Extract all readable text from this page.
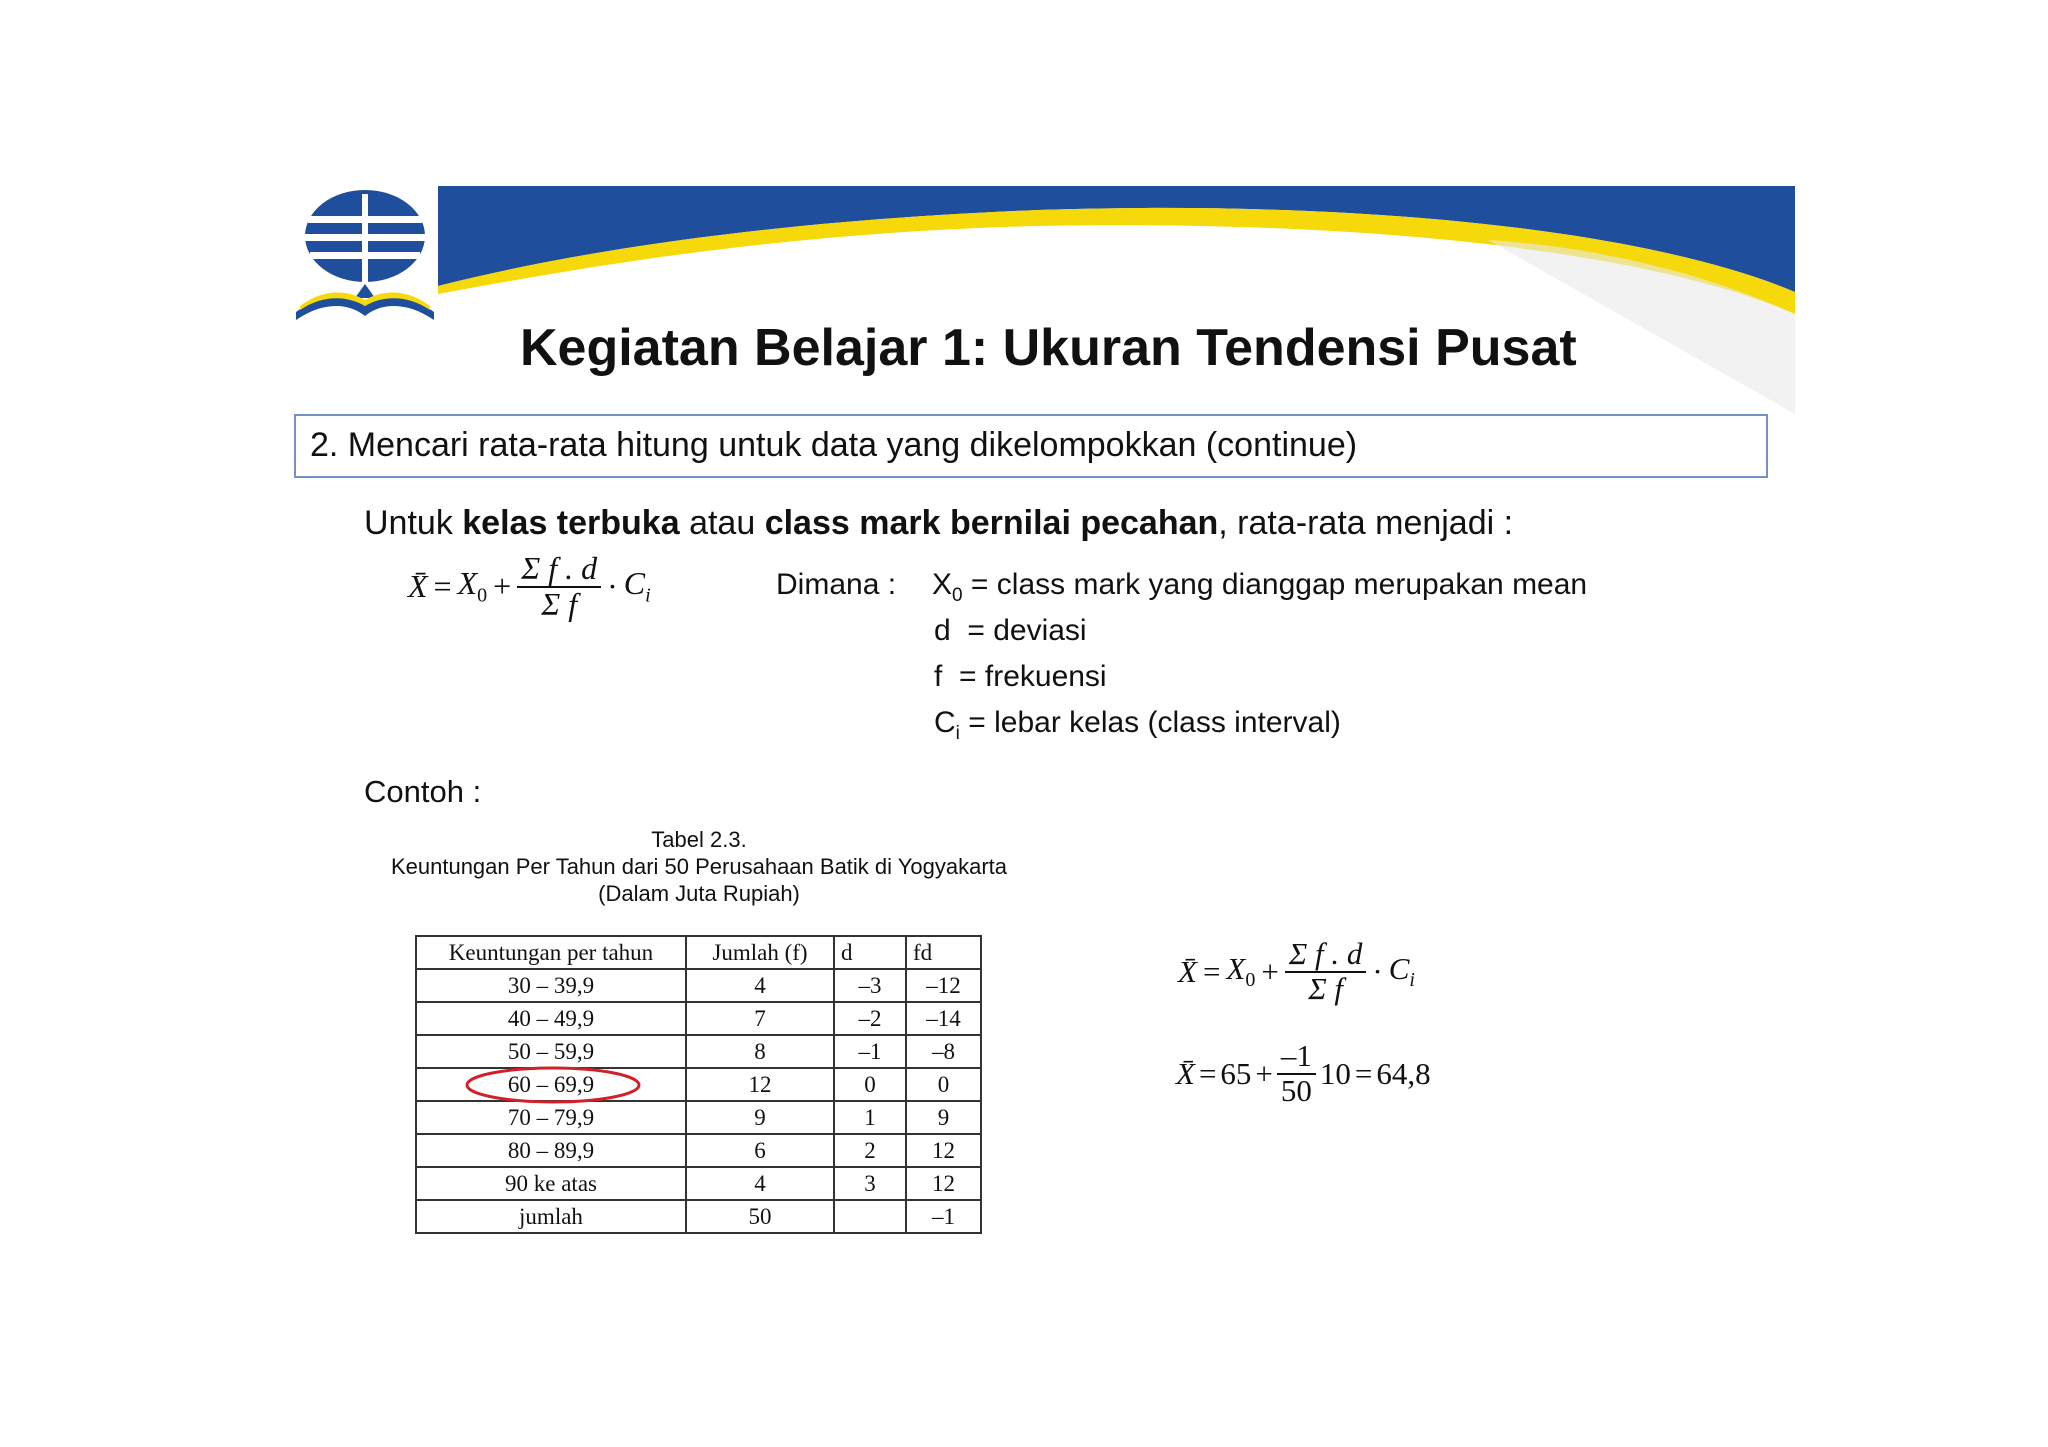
Kegiatan Belajar 1: Ukuran Tendensi Pusat
2. Mencari rata-rata hitung untuk data yang dikelompokkan (continue)
Untuk kelas terbuka atau class mark bernilai pecahan, rata-rata menjadi :
X̄ = $X_0 + \frac{\text{Σ f . d}}{\text{Σ f}} \cdot C_i$	Dimana : $X_0$ = class mark yang dianggap merupakan mean
d  = deviasi
f  = frekuensi
$C_i$ = lebar kelas (class interval)
Contoh :
Tabel 2.3.
Keuntungan Per Tahun dari 50 Perusahaan Batik di Yogyakarta
(Dalam Juta Rupiah)
Keuntungan per tahun	Jumlah (f)	d	fd
30 – 39,9	4	–3	–12
40 – 49,9	7	–2	–14
50 – 59,9	8	–1	–8
60 – 69,9	12	0	0
70 – 79,9	9	1	9
80 – 89,9	6	2	12
90 ke atas	4	3	12
jumlah	50		–1
X̄ = $X_0 + \frac{\text{Σ f . d}}{\text{Σ f}} \cdot C_i$
X̄ = $65 + \frac{-1}{50} 10 = 64,8$
